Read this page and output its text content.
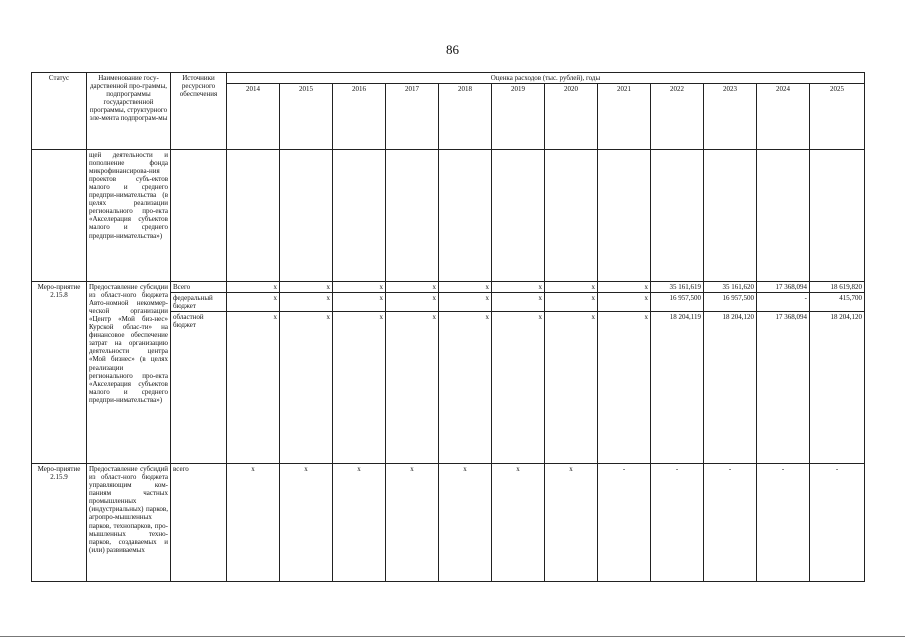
86
Статус	Наименование госу-дарственной про-граммы, подпрограммы государственной программы, структурного эле-мента подпрограм-мы	Источники ресурсного обеспечения	Оценка расходов (тыс. рублей), годы											
			2014	2015	2016	2017	2018	2019	2020	2021	2022	2023	2024	2025
	щей деятельности и пополнение фонда микрофинансирова-ния проектов субъ-ектов малого и среднего предпри-нимательства (в целях реализации регионального про-екта «Акселерация субъектов малого и среднего предпри-нимательства»)													
Меро-приятие 2.15.8	Предоставление субсидии из област-ного бюджета Авто-номной некоммер-ческой организации «Центр «Мой биз-нес» Курской облас-ти» на финансовое обеспечение затрат на организацию деятельности центра «Мой бизнес» (в целях реализации регионального про-екта «Акселерация субъектов малого и среднего предпри-нимательства»)	Всего	x	x	x	x	x	x	x	x	35 161,619	35 161,620	17 368,094	18 619,820
		федеральный бюджет	x	x	x	x	x	x	x	x	16 957,500	16 957,500	-	415,700
		областной бюджет	x	x	x	x	x	x	x	x	18 204,119	18 204,120	17 368,094	18 204,120
Меро-приятие 2.15.9	Предоставление субсидий из област-ного бюджета управляющим ком-паниям частных промышленных (индустриальных) парков, агропро-мышленных парков, технопарков, про-мышленных техно-парков, создаваемых и (или) развиваемых	всего	x	x	x	x	x	x	x	-	-	-	-	-
